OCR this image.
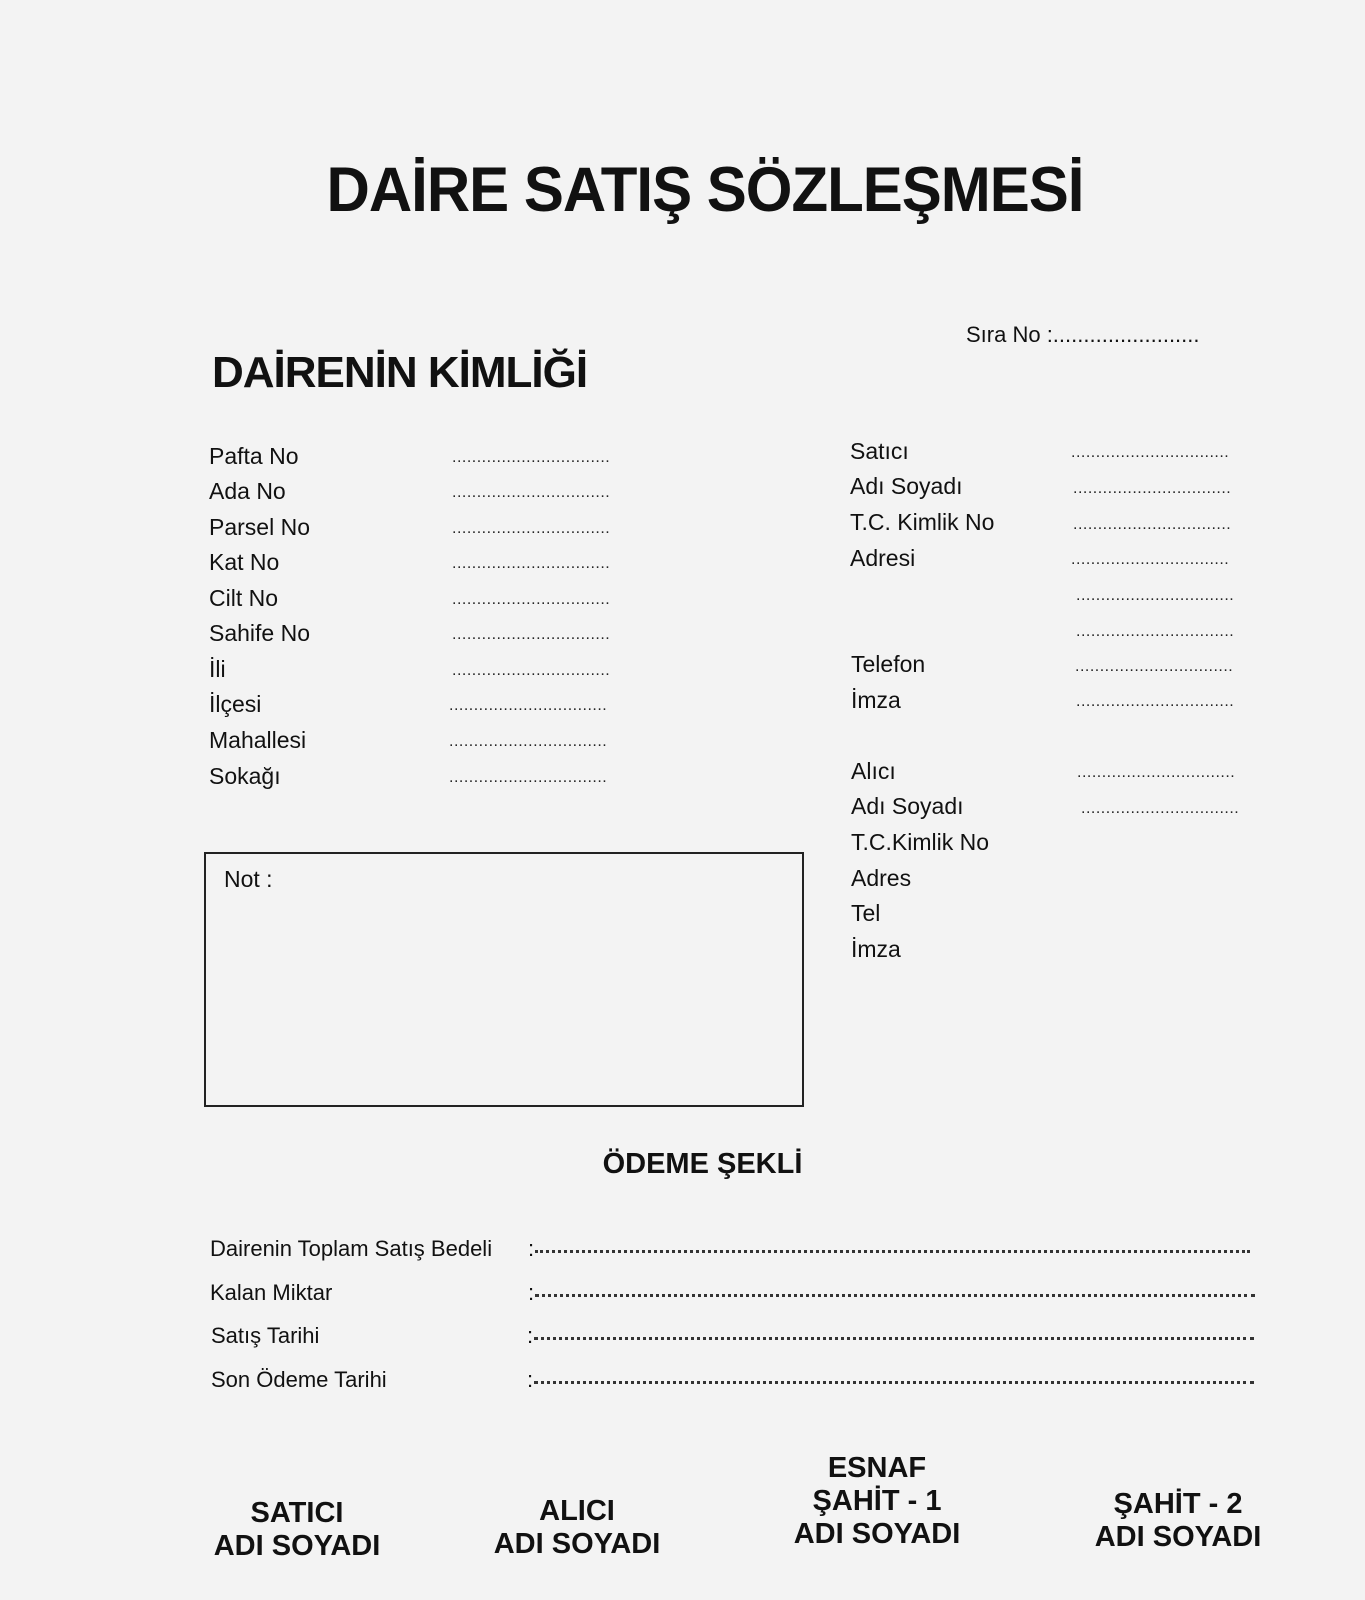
DAİRE SATIŞ SÖZLEŞMESİ
Sıra No :........................
DAİRENİN KİMLİĞİ
Pafta No	................................
Ada No	................................
Parsel No	................................
Kat No	................................
Cilt No	................................
Sahife No	................................
İli	................................
İlçesi	................................
Mahallesi	................................
Sokağı	................................
Satıcı	................................
Adı Soyadı	................................
T.C. Kimlik No	................................
Adresi	................................
................................
................................
Telefon	................................
İmza	................................
Alıcı	................................
Adı Soyadı	................................
T.C.Kimlik No
Adres
Tel
İmza
Not :
ÖDEME ŞEKLİ
Dairenin Toplam Satış Bedeli :
Kalan Miktar	:
Satış Tarihi	:
Son Ödeme Tarihi	:
SATICI
ADI SOYADI
ALICI
ADI SOYADI
ESNAF
ŞAHİT - 1
ADI SOYADI
ŞAHİT - 2
ADI SOYADI
